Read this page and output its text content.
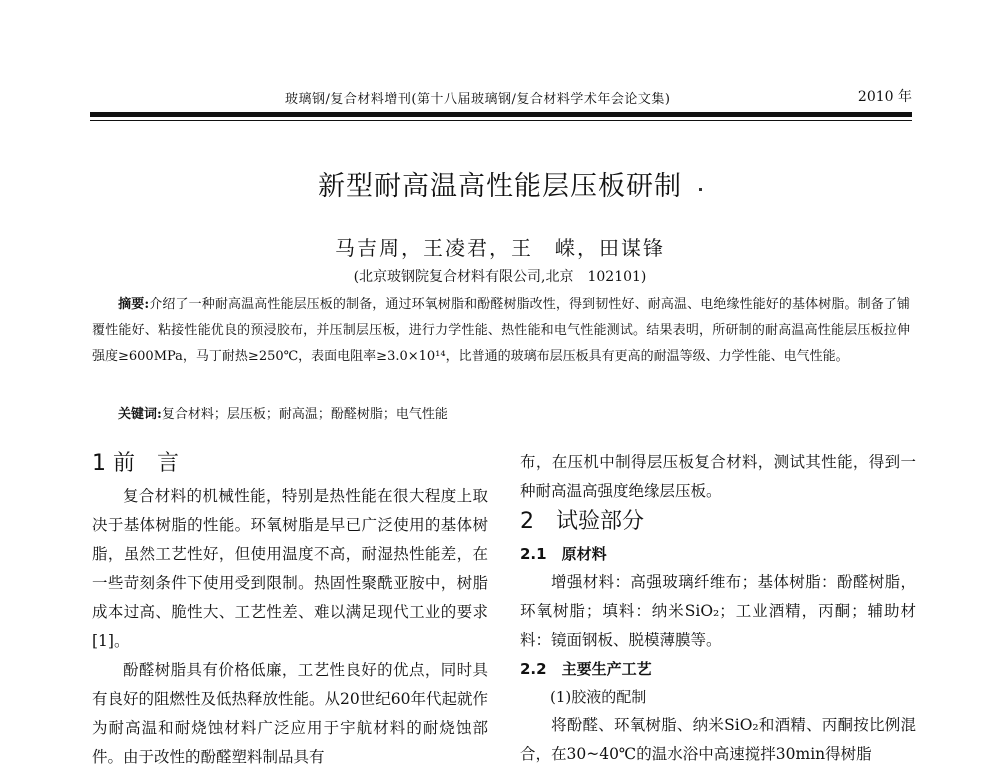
玻璃钢/复合材料增刊(第十八届玻璃钢/复合材料学术年会论文集)	2010 年
新型耐高温高性能层压板研制
马吉周，王凌君，王　嵘，田谋锋
(北京玻钢院复合材料有限公司,北京　102101)
摘要:介绍了一种耐高温高性能层压板的制备，通过环氧树脂和酚醛树脂改性，得到韧性好、耐高温、电绝缘性能好的基体树脂。制备了铺覆性能好、粘接性能优良的预浸胶布，并压制层压板，进行力学性能、热性能和电气性能测试。结果表明，所研制的耐高温高性能层压板拉伸强度≥600MPa，马丁耐热≥250℃，表面电阻率≥3.0×10¹⁴，比普通的玻璃布层压板具有更高的耐温等级、力学性能、电气性能。
关键词:复合材料；层压板；耐高温；酚醛树脂；电气性能
1 前　言

复合材料的机械性能，特别是热性能在很大程度上取决于基体树脂的性能。环氧树脂是早已广泛使用的基体树脂，虽然工艺性好，但使用温度不高，耐湿热性能差，在一些苛刻条件下使用受到限制。热固性聚酰亚胺中，树脂成本过高、脆性大、工艺性差、难以满足现代工业的要求[1]。

酚醛树脂具有价格低廉，工艺性良好的优点，同时具有良好的阻燃性及低热释放性能。从20世纪60年代起就作为耐高温和耐烧蚀材料广泛应用于宇航材料的耐烧蚀部件。由于改性的酚醛塑料制品具有

布，在压机中制得层压板复合材料，测试其性能，得到一种耐高温高强度绝缘层压板。

2　试验部分
2.1　原材料

增强材料：高强玻璃纤维布；基体树脂：酚醛树脂，环氧树脂；填料：纳米SiO₂；工业酒精，丙酮；辅助材料：镜面钢板、脱模薄膜等。

2.2　主要生产工艺

(1)胶液的配制

将酚醛、环氧树脂、纳米SiO₂和酒精、丙酮按比例混合，在30~40℃的温水浴中高速搅拌30min得树脂
